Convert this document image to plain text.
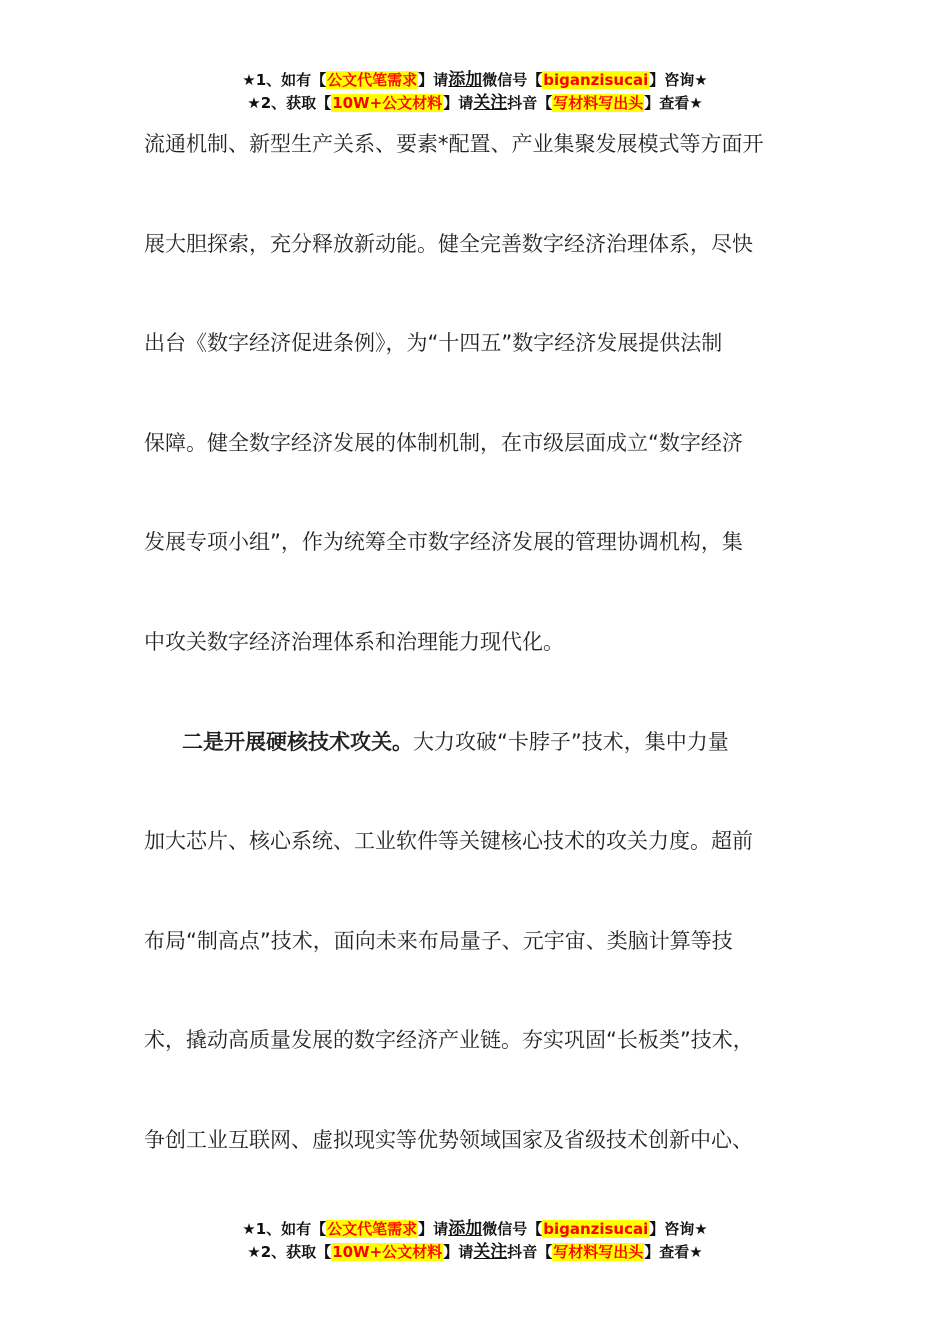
★1、如有【公文代笔需求】请添加微信号【biganzisucai】咨询★
★2、获取【10W+公文材料】请关注抖音【写材料写出头】查看★
流通机制、新型生产关系、要素*配置、产业集聚发展模式等方面开
展大胆探索，充分释放新动能。健全完善数字经济治理体系，尽快
出台《数字经济促进条例》，为“十四五”数字经济发展提供法制
保障。健全数字经济发展的体制机制，在市级层面成立“数字经济
发展专项小组”，作为统筹全市数字经济发展的管理协调机构，集
中攻关数字经济治理体系和治理能力现代化。
二是开展硬核技术攻关。大力攻破“卡脖子”技术，集中力量
加大芯片、核心系统、工业软件等关键核心技术的攻关力度。超前
布局“制高点”技术，面向未来布局量子、元宇宙、类脑计算等技
术，撬动高质量发展的数字经济产业链。夯实巩固“长板类”技术，
争创工业互联网、虚拟现实等优势领域国家及省级技术创新中心、
★1、如有【公文代笔需求】请添加微信号【biganzisucai】咨询★
★2、获取【10W+公文材料】请关注抖音【写材料写出头】查看★
